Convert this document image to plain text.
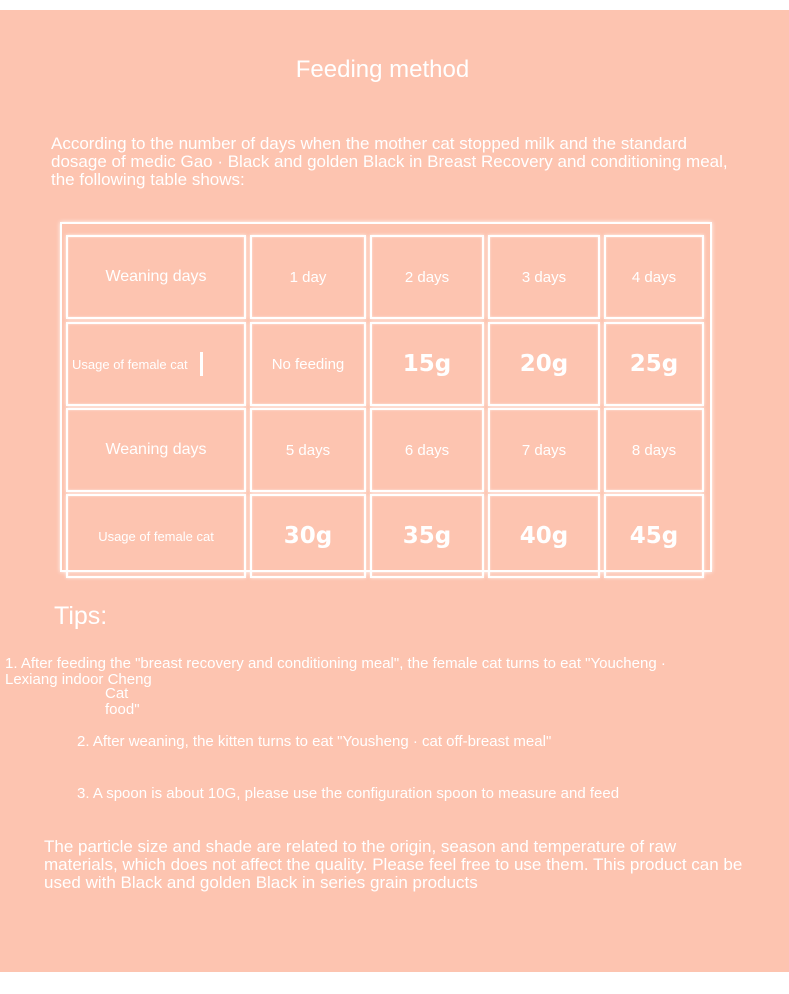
Feeding method
According to the number of days when the mother cat stopped milk and the standard dosage of medic Gao · Black and golden Black in Breast Recovery and conditioning meal, the following table shows:
Weaning days	1 day	2 days	3 days	4 days
Usage of female cat	No feeding	15g	20g	25g
Weaning days	5 days	6 days	7 days	8 days
Usage of female cat	30g	35g	40g	45g
Tips:
1. After feeding the "breast recovery and conditioning meal", the female cat turns to eat "Youcheng ·
Lexiang indoor Cheng
Cat
food"
2. After weaning, the kitten turns to eat "Yousheng · cat off-breast meal"
3. A spoon is about 10G, please use the configuration spoon to measure and feed
The particle size and shade are related to the origin, season and temperature of raw materials, which does not affect the quality. Please feel free to use them. This product can be used with Black and golden Black in series grain products
